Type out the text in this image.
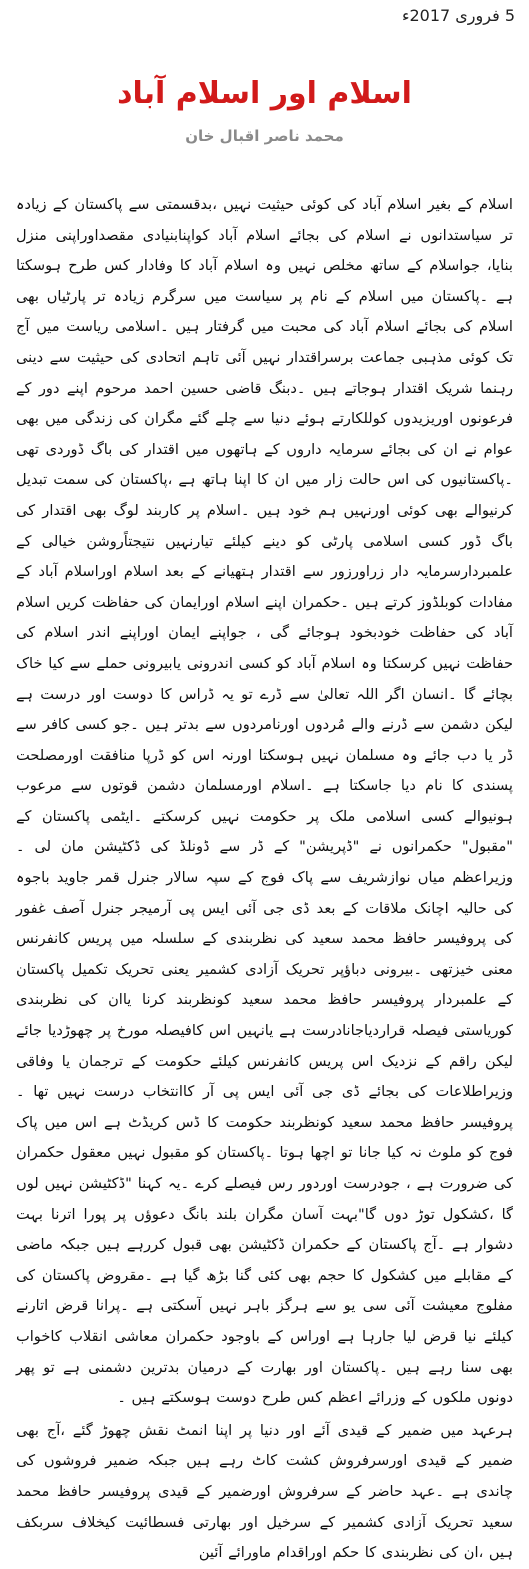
5 فروری 2017ء
اسلام اور اسلام آباد
محمد ناصر اقبال خان

اسلام کے بغیر اسلام آباد کی کوئی حیثیت نہیں ،بدقسمتی سے پاکستان کے زیادہ تر سیاستدانوں نے اسلام کی بجائے اسلام آباد کواپنابنیادی مقصداوراپنی منزل بنایا، جواسلام کے ساتھ مخلص نہیں وہ اسلام آباد کا وفادار کس طرح ہوسکتا ہے ۔پاکستان میں اسلام کے نام پر سیاست میں سرگرم زیادہ تر پارٹیاں بھی اسلام کی بجائے اسلام آباد کی محبت میں گرفتار ہیں ۔اسلامی ریاست میں آج تک کوئی مذہبی جماعت برسراقتدار نہیں آئی تاہم اتحادی کی حیثیت سے دینی رہنما شریک اقتدار ہوجاتے ہیں ۔دبنگ قاضی حسین احمد مرحوم اپنے دور کے فرعونوں اوریزیدوں کوللکارتے ہوئے دنیا سے چلے گئے مگران کی زندگی میں بھی عوام نے ان کی بجائے سرمایہ داروں کے ہاتھوں میں اقتدار کی باگ ڈوردی تھی ۔پاکستانیوں کی اس حالت زار میں ان کا اپنا ہاتھ ہے ،پاکستان کی سمت تبدیل کرنیوالے بھی کوئی اورنہیں ہم خود ہیں ۔اسلام پر کاربند لوگ بھی اقتدار کی باگ ڈور کسی اسلامی پارٹی کو دینے کیلئے تیارنہیں نتیجتاًروشن خیالی کے علمبردارسرمایہ دار زراورزور سے اقتدار ہتھیانے کے بعد اسلام اوراسلام آباد کے مفادات کوبلڈوز کرتے ہیں ۔حکمران اپنے اسلام اورایمان کی حفاظت کریں اسلام آباد کی حفاظت خودبخود ہوجائے گی ، جواپنے ایمان اوراپنے اندر اسلام کی حفاظت نہیں کرسکتا وہ اسلام آباد کو کسی اندرونی یابیرونی حملے سے کیا خاک بچائے گا ۔انسان اگر اللہ تعالیٰ سے ڈرے تو یہ ڈراس کا دوست اور درست ہے لیکن دشمن سے ڈرنے والے مُردوں اورنامردوں سے بدتر ہیں ۔جو کسی کافر سے ڈر یا دب جائے وہ مسلمان نہیں ہوسکتا اورنہ اس کو ڈرپا منافقت اورمصلحت پسندی کا نام دیا جاسکتا ہے ۔اسلام اورمسلمان دشمن قوتوں سے مرعوب ہونیوالے کسی اسلامی ملک پر حکومت نہیں کرسکتے ۔ایٹمی پاکستان کے "مقبول" حکمرانوں نے "ڈپریشن" کے ڈر سے ڈونلڈ کی ڈکٹیشن مان لی ۔وزیراعظم میاں نوازشریف سے پاک فوج کے سپہ سالار جنرل قمر جاوید باجوہ کی حالیہ اچانک ملاقات کے بعد ڈی جی آئی ایس پی آرمیجر جنرل آصف غفور کی پروفیسر حافظ محمد سعید کی نظربندی کے سلسلہ میں پریس کانفرنس معنی خیزتھی ۔بیرونی دباؤپر تحریک آزادی کشمیر یعنی تحریک تکمیل پاکستان کے علمبردار پروفیسر حافظ محمد سعید کونظربند کرنا یاان کی نظربندی کوریاستی فیصلہ قراردیاجانادرست ہے یانہیں اس کافیصلہ مورخ پر چھوڑدیا جائے لیکن راقم کے نزدیک اس پریس کانفرنس کیلئے حکومت کے ترجمان یا وفاقی وزیراطلاعات کی بجائے ڈی جی آئی ایس پی آر کاانتخاب درست نہیں تھا ۔پروفیسر حافظ محمد سعید کونظربند حکومت کا ڈس کریڈٹ ہے اس میں پاک فوج کو ملوث نہ کیا جانا تو اچھا ہوتا ۔پاکستان کو مقبول نہیں معقول حکمران کی ضرورت ہے ، جودرست اوردور رس فیصلے کرے ۔یہ کہنا "ڈکٹیشن نہیں لوں گا ،کشکول توڑ دوں گا"بہت آسان مگران بلند بانگ دعوؤں پر پورا اترنا بہت دشوار ہے ۔آج پاکستان کے حکمران ڈکٹیشن بھی قبول کررہے ہیں جبکہ ماضی کے مقابلے میں کشکول کا حجم بھی کئی گنا بڑھ گیا ہے ۔مقروض پاکستان کی مفلوج معیشت آئی سی یو سے ہرگز باہر نہیں آسکتی ہے ۔پرانا قرض اتارنے کیلئے نیا قرض لیا جارہا ہے اوراس کے باوجود حکمران معاشی انقلاب کاخواب بھی سنا رہے ہیں ۔پاکستان اور بھارت کے درمیان بدترین دشمنی ہے تو پھر دونوں ملکوں کے وزرائے اعظم کس طرح دوست ہوسکتے ہیں ۔

ہرعہد میں ضمیر کے قیدی آئے اور دنیا پر اپنا انمٹ نقش چھوڑ گئے ،آج بھی ضمیر کے قیدی اورسرفروش کشت کاٹ رہے ہیں جبکہ ضمیر فروشوں کی چاندی ہے ۔عہد حاضر کے سرفروش اورضمیر کے قیدی پروفیسر حافظ محمد سعید تحریک آزادی کشمیر کے سرخیل اور بھارتی فسطائیت کیخلاف سربکف ہیں ،ان کی نظربندی کا حکم اوراقدام ماورائے آئین
